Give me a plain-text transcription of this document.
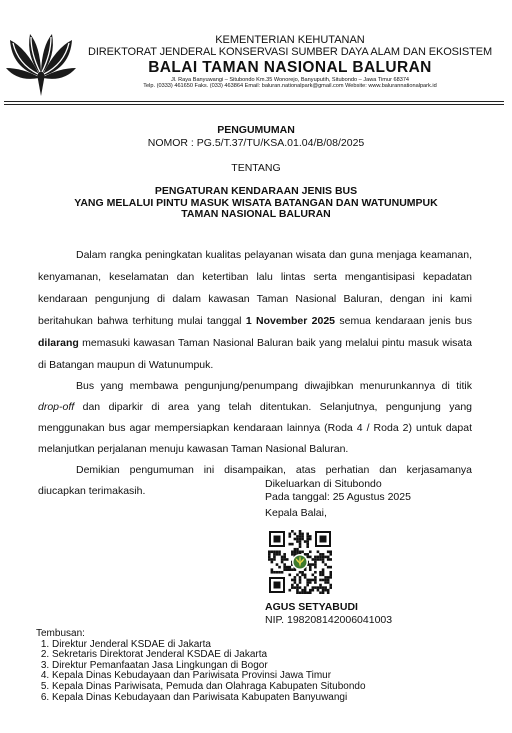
KEMENTERIAN KEHUTANAN
DIREKTORAT JENDERAL KONSERVASI SUMBER DAYA ALAM DAN EKOSISTEM
BALAI TAMAN NASIONAL BALURAN
Jl. Raya Banyuwangi – Situbondo Km.35 Wonorejo, Banyuputih, Situbondo – Jawa Timur 68374
Telp. (0333) 461650 Faks. (033) 463864 Email: baluran.nationalpark@gmail.com Website: www.balurannationalpark.id
PENGUMUMAN
NOMOR : PG.5/T.37/TU/KSA.01.04/B/08/2025
TENTANG
PENGATURAN KENDARAAN JENIS BUS
YANG MELALUI PINTU MASUK WISATA BATANGAN DAN WATUNUMPUK
TAMAN NASIONAL BALURAN

Dalam rangka peningkatan kualitas pelayanan wisata dan guna menjaga keamanan, kenyamanan, keselamatan dan ketertiban lalu lintas serta mengantisipasi kepadatan kendaraan pengunjung di dalam kawasan Taman Nasional Baluran, dengan ini kami beritahukan bahwa terhitung mulai tanggal 1 November 2025 semua kendaraan jenis bus dilarang memasuki kawasan Taman Nasional Baluran baik yang melalui pintu masuk wisata di Batangan maupun di Watunumpuk.

Bus yang membawa pengunjung/penumpang diwajibkan menurunkannya di titik drop-off dan diparkir di area yang telah ditentukan. Selanjutnya, pengunjung yang menggunakan bus agar mempersiapkan kendaraan lainnya (Roda 4 / Roda 2) untuk dapat melanjutkan perjalanan menuju kawasan Taman Nasional Baluran.

Demikian pengumuman ini disampaikan, atas perhatian dan kerjasamanya diucapkan terimakasih.

Dikeluarkan di Situbondo
Pada tanggal: 25 Agustus 2025
Kepala Balai,
AGUS SETYABUDI
NIP. 198208142006041003
Tembusan:
1. Direktur Jenderal KSDAE di Jakarta
2. Sekretaris Direktorat Jenderal KSDAE di Jakarta
3. Direktur Pemanfaatan Jasa Lingkungan di Bogor
4. Kepala Dinas Kebudayaan dan Pariwisata Provinsi Jawa Timur
5. Kepala Dinas Pariwisata, Pemuda dan Olahraga Kabupaten Situbondo
6. Kepala Dinas Kebudayaan dan Pariwisata Kabupaten Banyuwangi
